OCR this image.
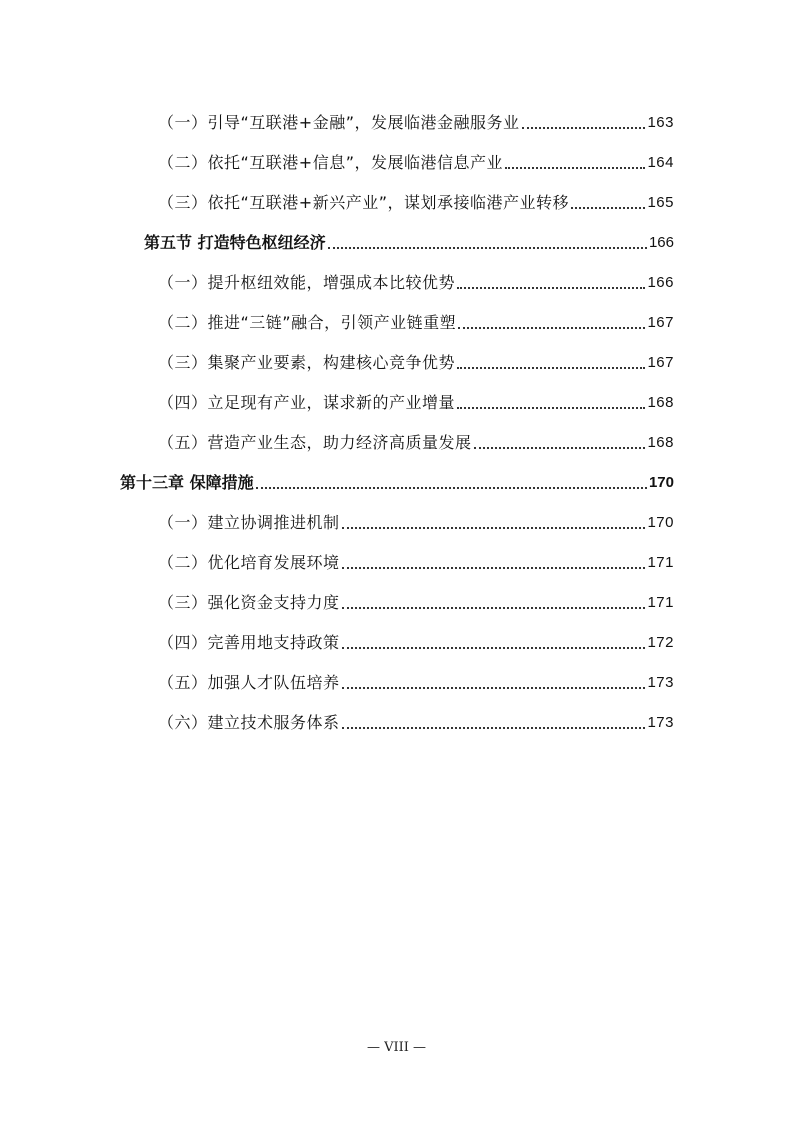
（一）引导“互联港+金融”，发展临港金融服务业	163
（二）依托“互联港+信息”，发展临港信息产业	164
（三）依托“互联港+新兴产业”，谋划承接临港产业转移	165
第五节 打造特色枢纽经济	166
（一）提升枢纽效能，增强成本比较优势	166
（二）推进“三链”融合，引领产业链重塑	167
（三）集聚产业要素，构建核心竞争优势	167
（四）立足现有产业，谋求新的产业增量	168
（五）营造产业生态，助力经济高质量发展	168
第十三章 保障措施	170
（一）建立协调推进机制	170
（二）优化培育发展环境	171
（三）强化资金支持力度	171
（四）完善用地支持政策	172
（五）加强人才队伍培养	173
（六）建立技术服务体系	173
— VIII —
